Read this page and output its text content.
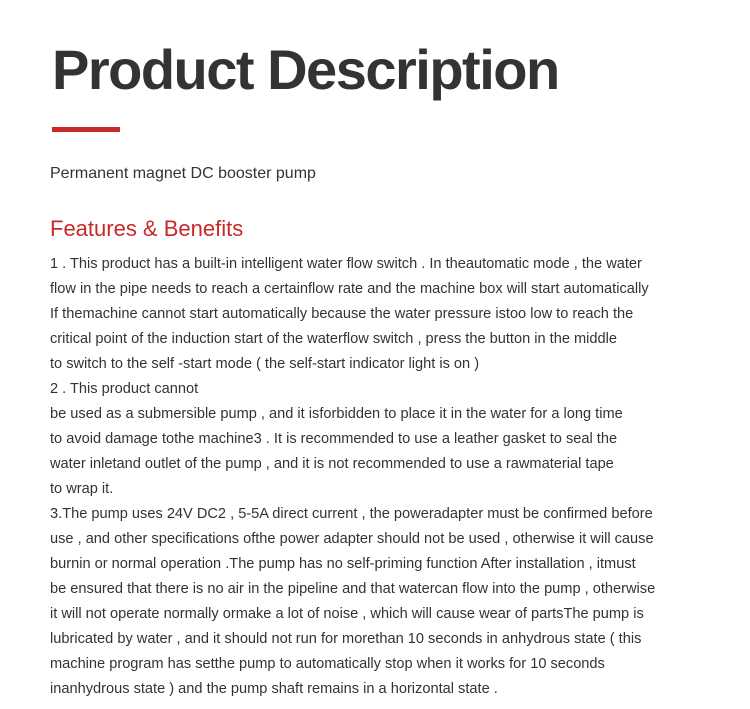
Product Description

Permanent magnet DC booster pump

Features & Benefits
1 . This product has a built-in intelligent water flow switch . In theautomatic mode , the water
flow in the pipe needs to reach a certainflow rate and the machine box will start automatically
If themachine cannot start automatically because the water pressure istoo low to reach the
critical point of the induction start of the waterflow switch , press the button in the middle
to switch to the self -start mode ( the self-start indicator light is on )
2 . This product cannot
be used as a submersible pump , and it isforbidden to place it in the water for a long time
to avoid damage tothe machine3 . It is recommended to use a leather gasket to seal the
water inletand outlet of the pump , and it is not recommended to use a rawmaterial tape
to wrap it.
3.The pump uses 24V DC2 , 5-5A direct current , the poweradapter must be confirmed before
use , and other specifications ofthe power adapter should not be used , otherwise it will cause
burnin or normal operation .The pump has no self-priming function After installation , itmust
be ensured that there is no air in the pipeline and that watercan flow into the pump , otherwise
it will not operate normally ormake a lot of noise , which will cause wear of partsThe pump is
lubricated by water , and it should not run for morethan 10 seconds in anhydrous state ( this
machine program has setthe pump to automatically stop when it works for 10 seconds
inanhydrous state ) and the pump shaft remains in a horizontal state .
